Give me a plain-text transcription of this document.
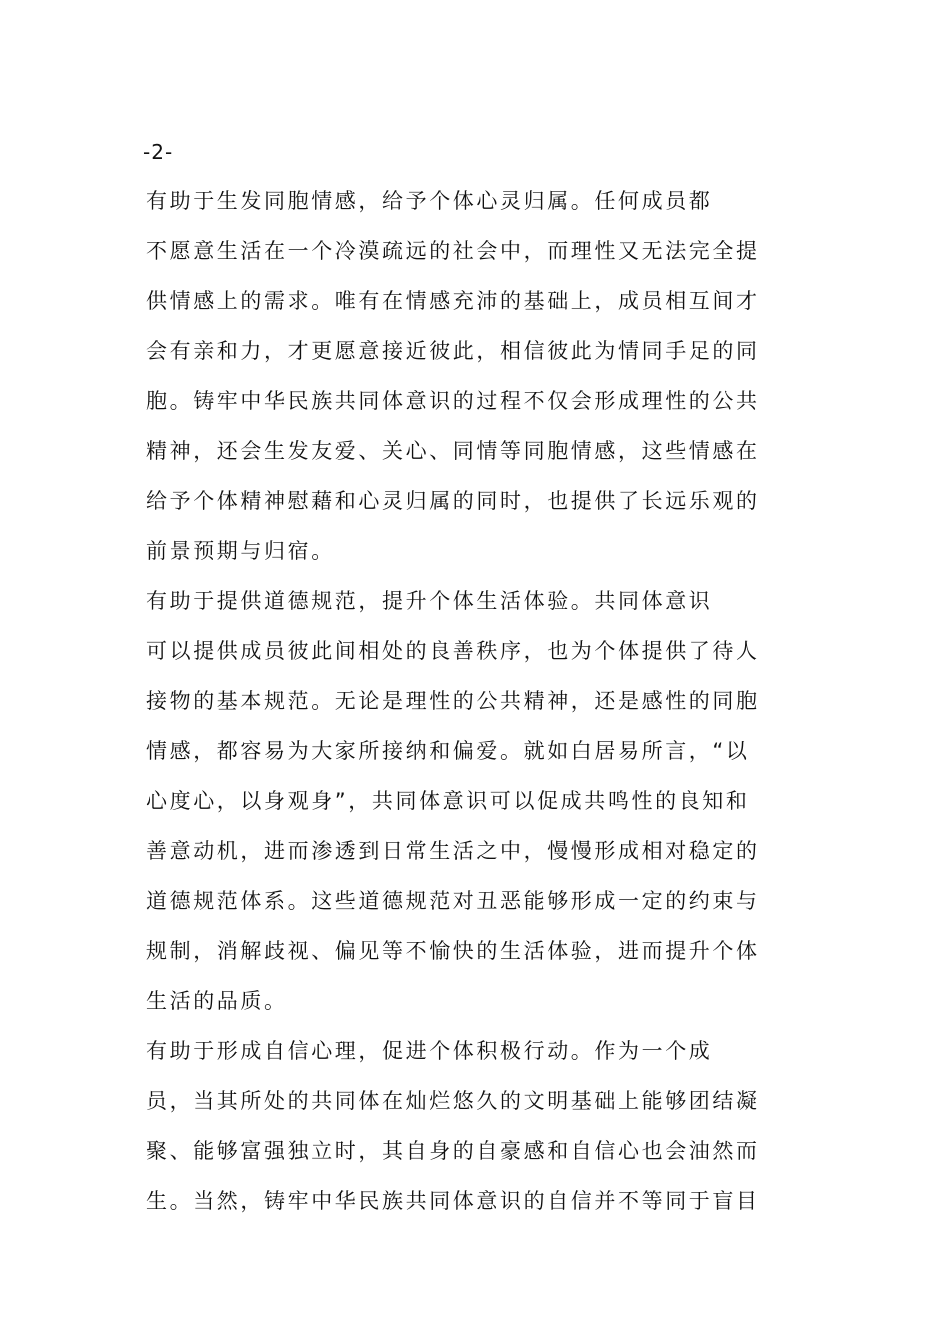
-2-
有助于生发同胞情感，给予个体心灵归属。任何成员都
不愿意生活在一个冷漠疏远的社会中，而理性又无法完全提
供情感上的需求。唯有在情感充沛的基础上，成员相互间才
会有亲和力，才更愿意接近彼此，相信彼此为情同手足的同
胞。铸牢中华民族共同体意识的过程不仅会形成理性的公共
精神，还会生发友爱、关心、同情等同胞情感，这些情感在
给予个体精神慰藉和心灵归属的同时，也提供了长远乐观的
前景预期与归宿。
有助于提供道德规范，提升个体生活体验。共同体意识
可以提供成员彼此间相处的良善秩序，也为个体提供了待人
接物的基本规范。无论是理性的公共精神，还是感性的同胞
情感，都容易为大家所接纳和偏爱。就如白居易所言，“以
心度心，以身观身”，共同体意识可以促成共鸣性的良知和
善意动机，进而渗透到日常生活之中，慢慢形成相对稳定的
道德规范体系。这些道德规范对丑恶能够形成一定的约束与
规制，消解歧视、偏见等不愉快的生活体验，进而提升个体
生活的品质。
有助于形成自信心理，促进个体积极行动。作为一个成
员，当其所处的共同体在灿烂悠久的文明基础上能够团结凝
聚、能够富强独立时，其自身的自豪感和自信心也会油然而
生。当然，铸牢中华民族共同体意识的自信并不等同于盲目
